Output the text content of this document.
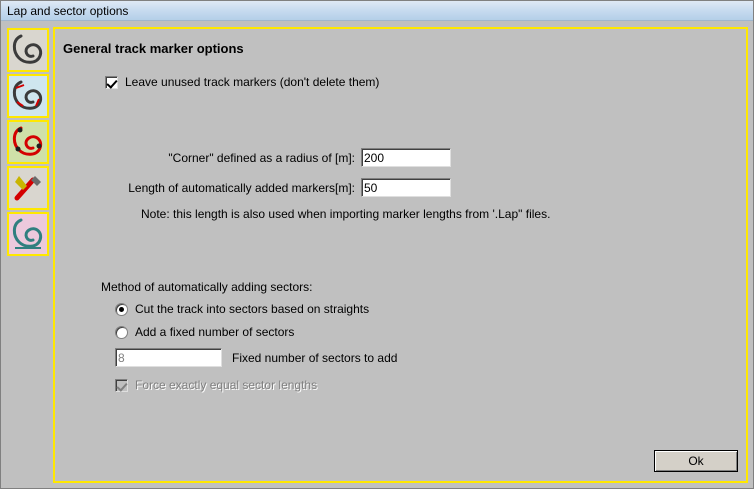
Lap and sector options
General track marker options
Leave unused track markers (don't delete them)
"Corner" defined as a radius of [m]:
200
Length of automatically added markers[m]:
50
Note: this length is also used when importing marker lengths from '.Lap" files.
Method of automatically adding sectors:
Cut the track into sectors based on straights
Add a fixed number of sectors
8
Fixed number of sectors to add
Force exactly equal sector lengths
Ok
